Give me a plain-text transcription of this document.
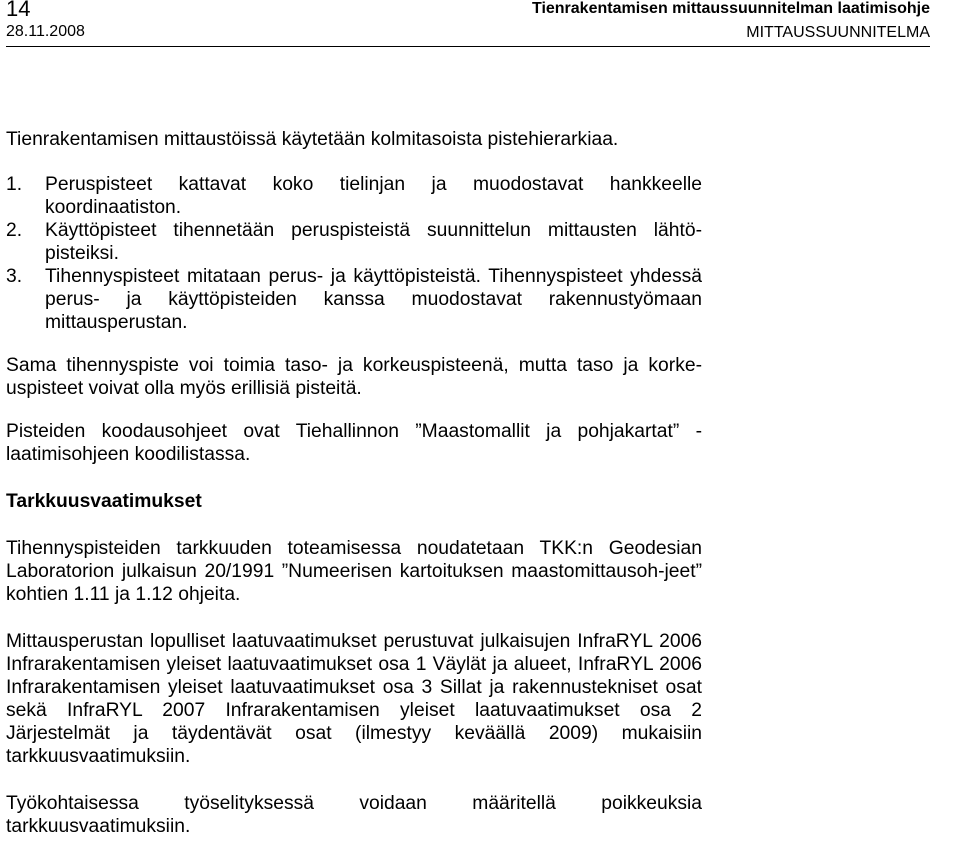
14
28.11.2008
Tienrakentamisen mittaussuunnitelman laatimisohje
MITTAUSSUUNNITELMA

Tienrakentamisen mittaustöissä käytetään kolmitasoista pistehierarkiaa.

1.	Peruspisteet kattavat koko tielinjan ja muodostavat hankkeelle koordinaatiston.
2.	Käyttöpisteet tihennetään peruspisteistä suunnittelun mittausten lähtö-pisteiksi.
3.	Tihennyspisteet mitataan perus- ja käyttöpisteistä. Tihennyspisteet yhdessä perus- ja käyttöpisteiden kanssa muodostavat rakennustyömaan mittausperustan.

Sama tihennyspiste voi toimia taso- ja korkeuspisteenä, mutta taso ja korke-uspisteet voivat olla myös erillisiä pisteitä.

Pisteiden koodausohjeet ovat Tiehallinnon ”Maastomallit ja pohjakartat” -laatimisohjeen koodilistassa.

Tarkkuusvaatimukset

Tihennyspisteiden tarkkuuden toteamisessa noudatetaan TKK:n Geodesian Laboratorion julkaisun 20/1991 ”Numeerisen kartoituksen maastomittausoh-jeet” kohtien 1.11 ja 1.12 ohjeita.

Mittausperustan lopulliset laatuvaatimukset perustuvat julkaisujen InfraRYL 2006 Infrarakentamisen yleiset laatuvaatimukset osa 1 Väylät ja alueet, InfraRYL 2006 Infrarakentamisen yleiset laatuvaatimukset osa 3 Sillat ja rakennustekniset osat sekä InfraRYL 2007 Infrarakentamisen yleiset laatuvaatimukset osa 2 Järjestelmät ja täydentävät osat (ilmestyy keväällä 2009) mukaisiin tarkkuusvaatimuksiin.

Työkohtaisessa työselityksessä voidaan määritellä poikkeuksia tarkkuusvaatimuksiin.
